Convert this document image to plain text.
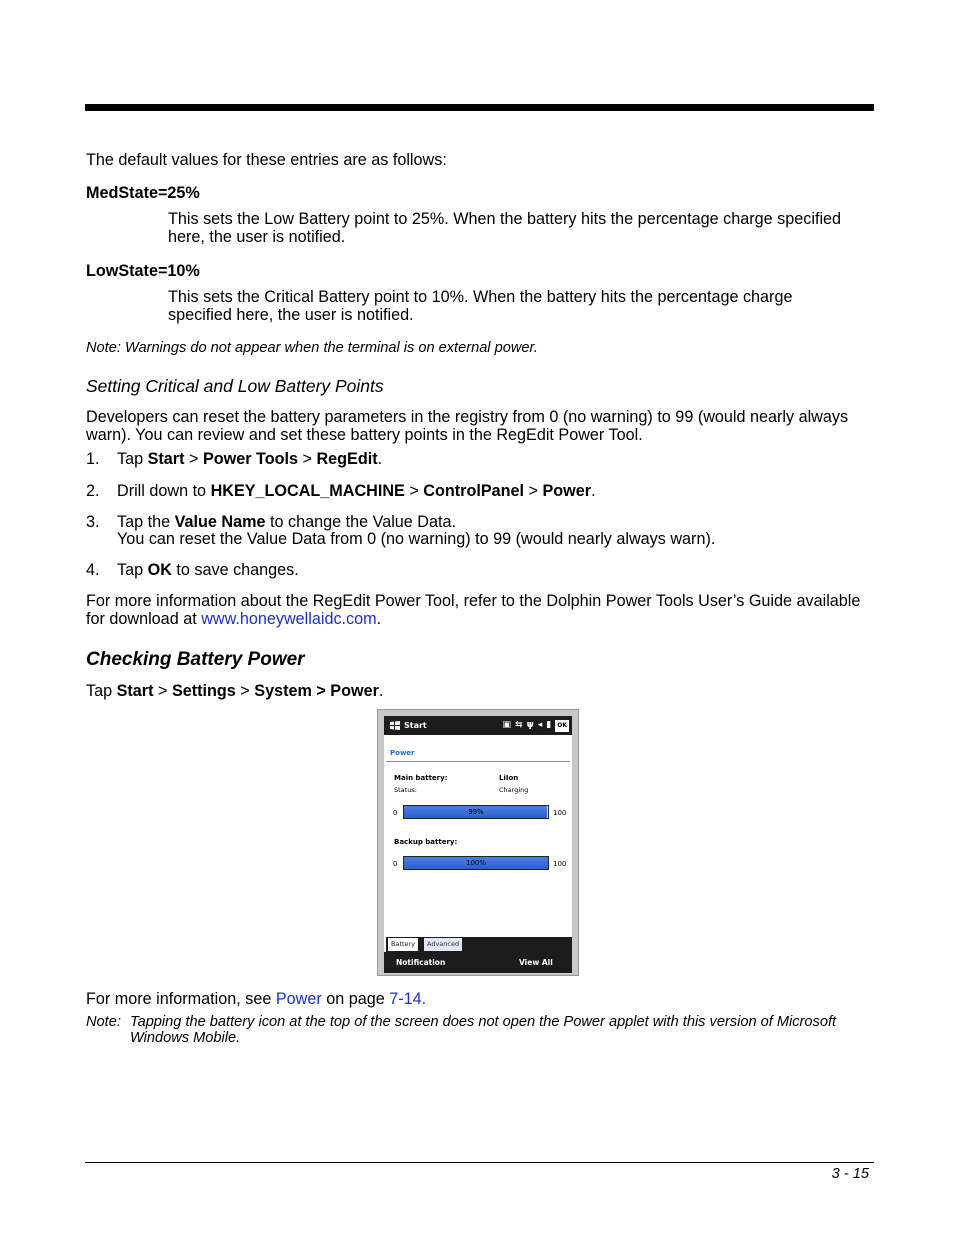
The default values for these entries are as follows:
MedState=25%
This sets the Low Battery point to 25%. When the battery hits the percentage charge specified here, the user is notified.
LowState=10%
This sets the Critical Battery point to 10%. When the battery hits the percentage charge specified here, the user is notified.
Note: Warnings do not appear when the terminal is on external power.
Setting Critical and Low Battery Points
Developers can reset the battery parameters in the registry from 0 (no warning) to 99 (would nearly always warn). You can review and set these battery points in the RegEdit Power Tool.
1. Tap Start > Power Tools > RegEdit.
2. Drill down to HKEY_LOCAL_MACHINE > ControlPanel > Power.
3. Tap the Value Name to change the Value Data.
You can reset the Value Data from 0 (no warning) to 99 (would nearly always warn).
4. Tap OK to save changes.
For more information about the RegEdit Power Tool, refer to the Dolphin Power Tools User’s Guide available for download at www.honeywellaidc.com.
Checking Battery Power
Tap Start > Settings > System > Power.
Start	▣ ⇆ ψ ◂ ▮	OK
Power
Main battery:	LiIon
Status:	Charging
0	99%	100
Backup battery:
0	100%	100
Battery	Advanced
Notification	View All
For more information, see Power on page 7-14.
Note: Tapping the battery icon at the top of the screen does not open the Power applet with this version of Microsoft Windows Mobile.
3 - 15
